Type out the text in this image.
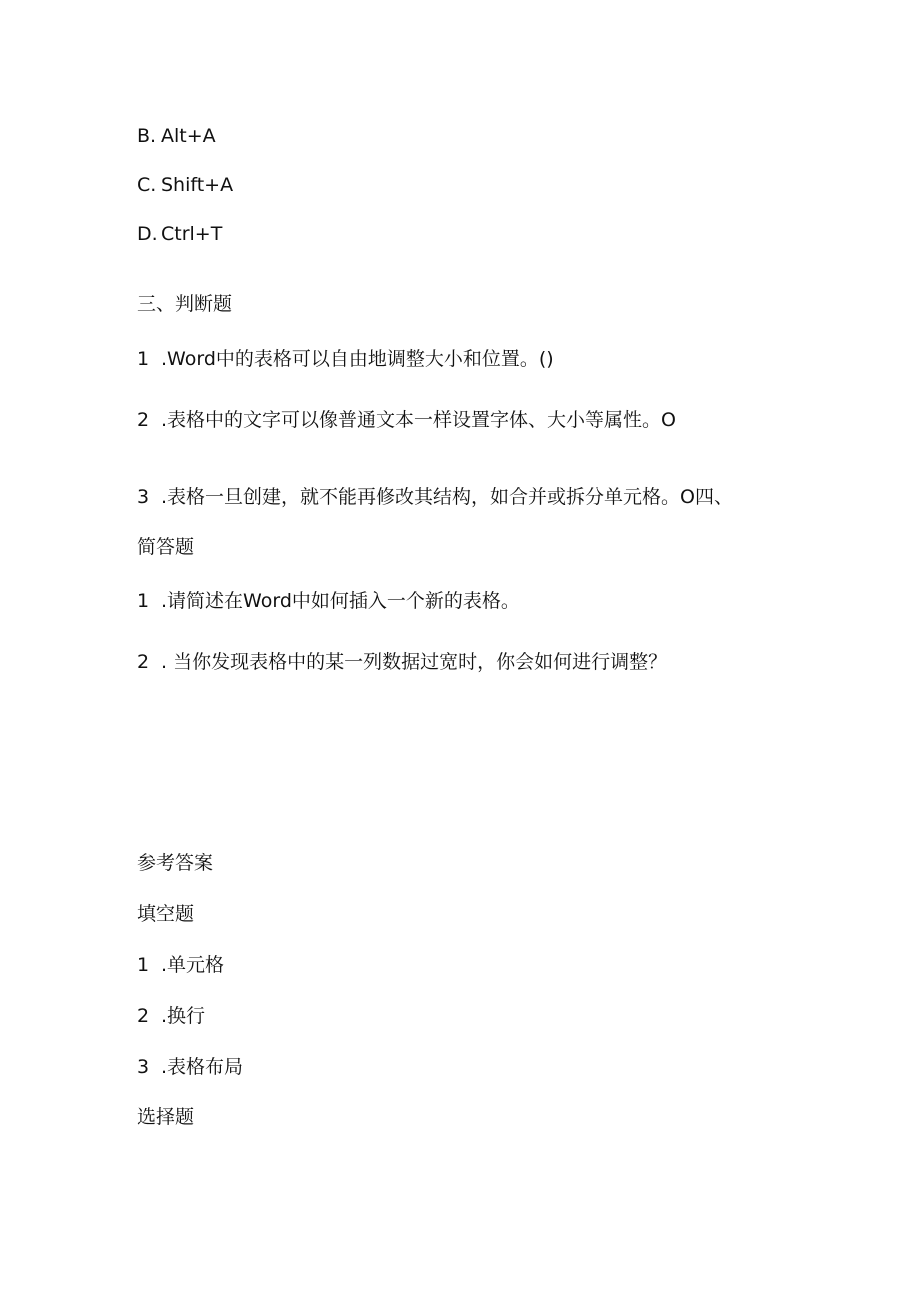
B. Alt+A
C. Shift+A
D. Ctrl+T
三、判断题
1 .Word中的表格可以自由地调整大小和位置。()
2 .表格中的文字可以像普通文本一样设置字体、大小等属性。O
3 .表格一旦创建，就不能再修改其结构，如合并或拆分单元格。O四、
简答题
1 .请简述在Word中如何插入一个新的表格。
2 . 当你发现表格中的某一列数据过宽时，你会如何进行调整？
参考答案
填空题
1 .单元格
2 .换行
3 .表格布局
选择题
